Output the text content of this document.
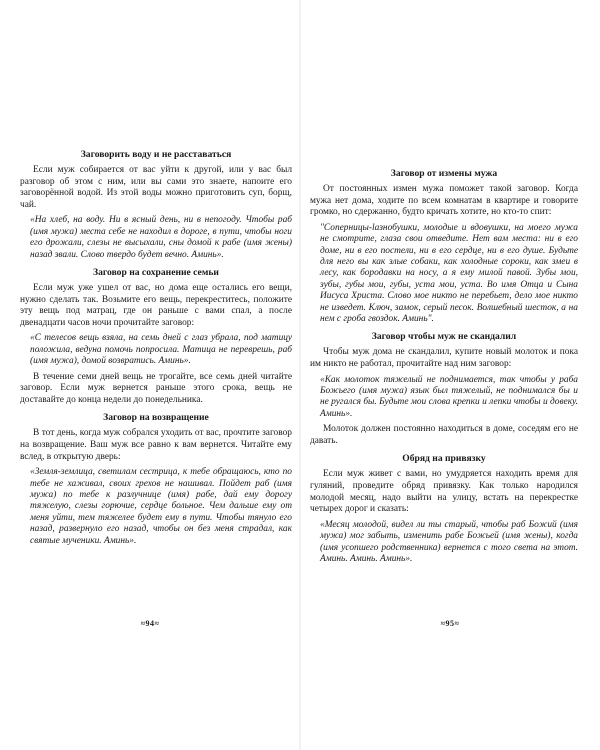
Заговорить воду и не расставаться

Если муж собирается от вас уйти к другой, или у вас был разговор об этом с ним, или вы сами это знаете, напоите его заговорённой водой. Из этой воды можно приготовить суп, борщ, чай.

«На хлеб, на воду. Ни в ясный день, ни в непогоду. Чтобы раб (имя мужа) места себе не находил в дороге, в пути, чтобы ноги его дрожали, слезы не высыхали, сны домой к рабе (имя жены) назад звали. Слово твердо будет вечно. Аминь».

Заговор на сохранение семьи

Если муж уже ушел от вас, но дома еще остались его вещи, нужно сделать так. Возьмите его вещь, перекреститесь, положите эту вещь под матрац, где он раньше с вами спал, а после двенадцати часов ночи прочитайте заговор:

«С телесов вещь взяла, на семь дней с глаз убрала, под матицу положила, ведуна помочь попросила. Матица не переврешь, раб (имя мужа), домой возвратись. Аминь».

В течение семи дней вещь не трогайте, все семь дней читайте заговор. Если муж вернется раньше этого срока, вещь не доставайте до конца недели до понедельника.

Заговор на возвращение

В тот день, когда муж собрался уходить от вас, прочтите заговор на возвращение. Ваш муж все равно к вам вернется. Читайте ему вслед, в открытую дверь:

«Земля-землица, светилам сестрица, к тебе обращаюсь, кто по тебе не хаживал, своих грехов не нашивал. Пойдет раб (имя мужа) по тебе к разлучнице (имя) рабе, дай ему дорогу тяжелую, слезы горючие, сердце больное. Чем дальше ему от меня уйти, тем тяжелее будет ему в пути. Чтобы тянуло его назад, развернуло его назад, чтобы он без меня страдал, как святые мученики. Аминь».

≈94≈
Заговор от измены мужа

От постоянных измен мужа поможет такой заговор. Когда мужа нет дома, ходите по всем комнатам в квартире и говорите громко, но сдержанно, будто кричать хотите, но кто-то спит:

"Соперницы-laзнобушки, молодые и вдовушки, на моего мужа не смотрите, глаза свои отведите. Нет вам места: ни в его доме, ни в его постели, ни в его сердце, ни в его душе. Будьте для него вы как злые собаки, как холодные сороки, как змеи в лесу, как бородавки на носу, а я ему милой павой. Зубы мои, зубы, губы мои, губы, уста мои, уста. Во имя Отца и Сына Иисуса Христа. Слово мое никто не перебьет, дело мое никто не изведет. Ключ, замок, серый песок. Волшебный шесток, а на нем с гроба гвоздок. Аминь".

Заговор чтобы муж не скандалил

Чтобы муж дома не скандалил, купите новый молоток и пока им никто не работал, прочитайте над ним заговор:

«Как молоток тяжелый не поднимается, так чтобы у раба Божьего (имя мужа) язык был тяжелый, не поднимался бы и не ругался бы. Будьте мои слова крепки и лепки чтобы и довеку. Аминь».

Молоток должен постоянно находиться в доме, соседям его не давать.

Обряд на привязку

Если муж живет с вами, но умудряется находить время для гуляний, проведите обряд привязку. Как только народился молодой месяц, надо выйти на улицу, встать на перекрестке четырех дорог и сказать:

«Месяц молодой, видел ли ты старый, чтобы раб Божий (имя мужа) мог забыть, изменить рабе Божьей (имя жены), когда (имя усопшего родственника) вернется с того света на этот. Аминь. Аминь. Аминь».

≈95≈
